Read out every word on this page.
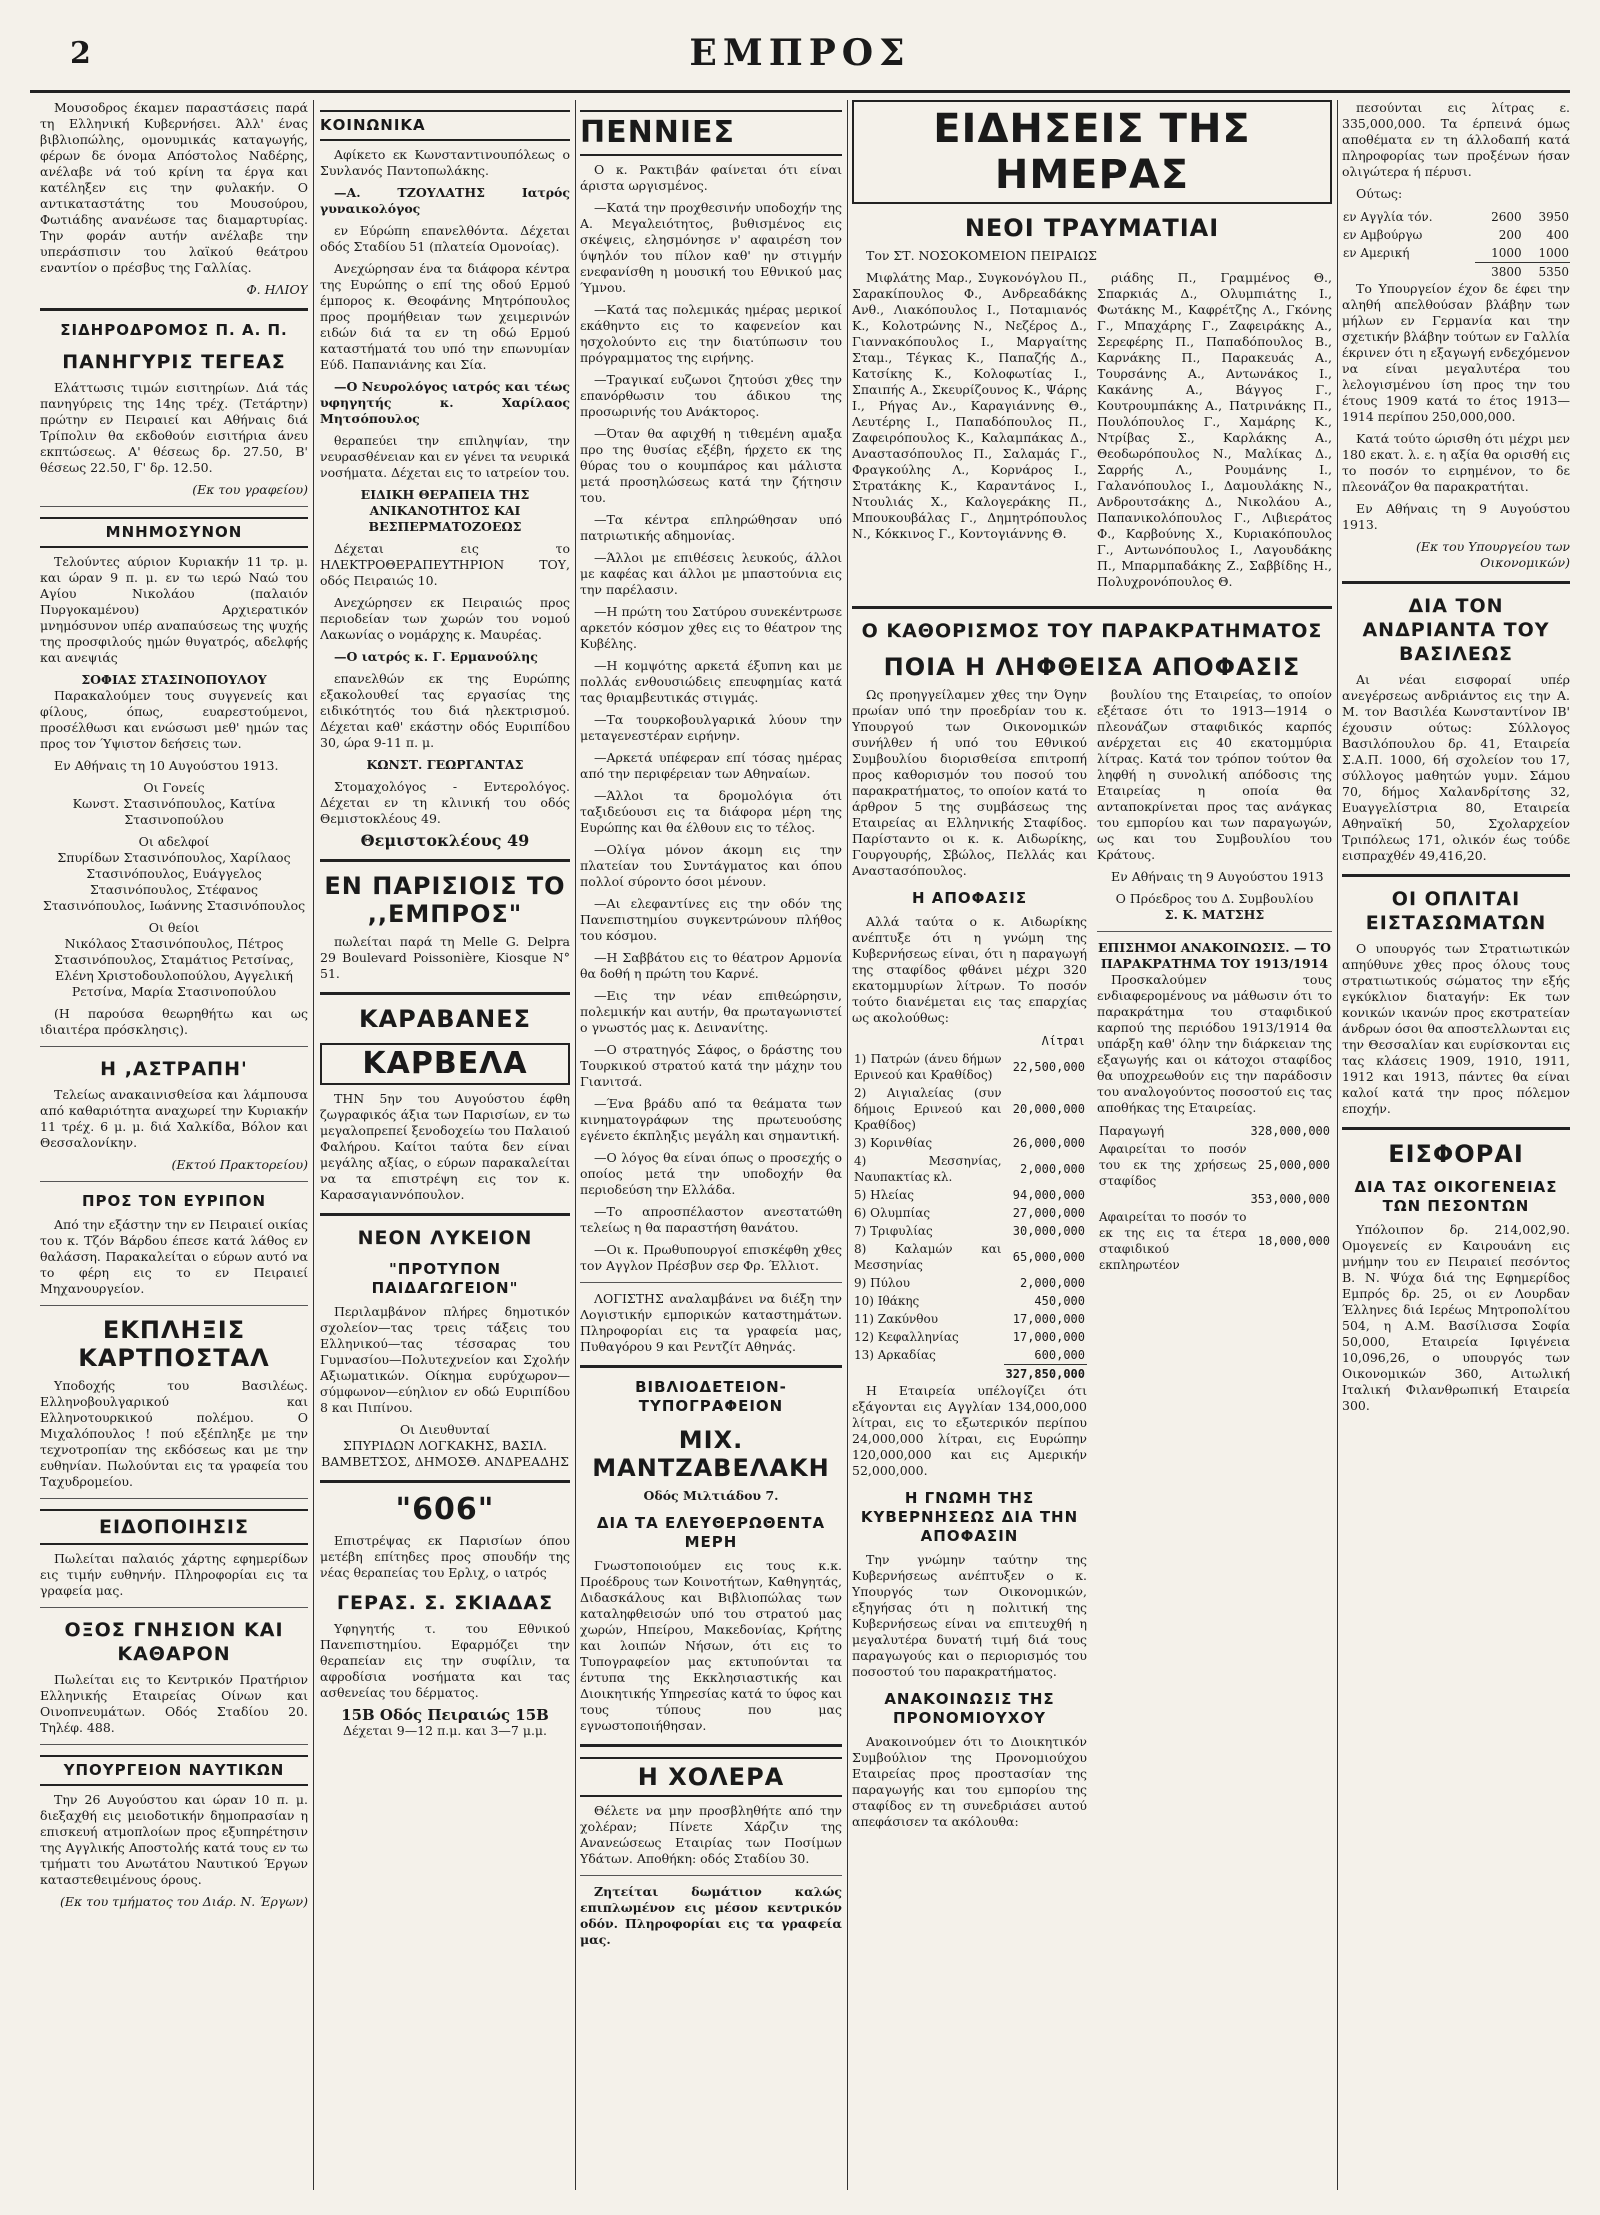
2	ΕΜΠΡΟΣ

Μουσοδρος έκαμεν παραστάσεις παρά τη Ελληνική Κυβερνήσει. Άλλ' ένας βιβλιοπώλης, ομονυμικάς καταγωγής, φέρων δε όνομα Απόστολος Ναδέρης, ανέλαβε νά τού κρίνη τα έργα και κατέληξεν εις την φυλακήν. Ο αντικαταστάτης του Μουσούρου, Φωτιάδης ανανέωσε τας διαμαρτυρίας. Την φοράν αυτήν ανέλαβε την υπεράσπισιν του λαϊκού θεάτρου εναντίον ο πρέσβυς της Γαλλίας.

Φ. ΗΛΙΟΥ
ΣΙΔΗΡΟΔΡΟΜΟΣ Π. Α. Π.
ΠΑΝΗΓΥΡΙΣ ΤΕΓΕΑΣ

Ελάττωσις τιμών εισιτηρίων. Διά τάς πανηγύρεις της 14ης τρέχ. (Τετάρτην) πρώτην εν Πειραιεί και Αθήναις διά Τρίπολιν θα εκδοθούν εισιτήρια άνευ εκπτώσεως. Α' θέσεως δρ. 27.50, Β' θέσεως 22.50, Γ' δρ. 12.50.

(Εκ του γραφείου)
ΜΝΗΜΟΣΥΝΟΝ

Τελούντες αύριον Κυριακήν 11 τρ. μ. και ώραν 9 π. μ. εν τω ιερώ Ναώ του Αγίου Νικολάου (παλαιόν Πυργοκαμένου) Αρχιερατικόν μνημόσυνον υπέρ αναπαύσεως της ψυχής της προσφιλούς ημών θυγατρός, αδελφής και ανεψιάς

ΣΟΦΙΑΣ ΣΤΑΣΙΝΟΠΟΥΛΟΥ

Παρακαλούμεν τους συγγενείς και φίλους, όπως, ευαρεστούμενοι, προσέλθωσι και ενώσωσι μεθ' ημών τας προς τον Ύψιστον δεήσεις των.

Εν Αθήναις τη 10 Αυγούστου 1913.

Οι Γονείς

Κωνστ. Στασινόπουλος, Κατίνα Στασινοπούλου

Οι αδελφοί

Σπυρίδων Στασινόπουλος, Χαρίλαος Στασινόπουλος, Ευάγγελος Στασινόπουλος, Στέφανος Στασινόπουλος, Ιωάννης Στασινόπουλος

Οι θείοι

Νικόλαος Στασινόπουλος, Πέτρος Στασινόπουλος, Σταμάτιος Ρετσίνας, Ελένη Χριστοδουλοπούλου, Αγγελική Ρετσίνα, Μαρία Στασινοπούλου

(Η παρούσα θεωρηθήτω και ως ιδιαιτέρα πρόσκλησις).

Η ,ΑΣΤΡΑΠΗ'

Τελείως ανακαινισθείσα και λάμπουσα από καθαριότητα αναχωρεί την Κυριακήν 11 τρέχ. 6 μ. μ. διά Χαλκίδα, Βόλον και Θεσσαλονίκην.

(Εκτού Πρακτορείου)
ΠΡΟΣ ΤΟΝ ΕΥΡΙΠΟΝ

Από την εξάστην την εν Πειραιεί οικίας του κ. Τζόν Βάρδου έπεσε κατά λάθος εν θαλάσση. Παρακαλείται ο εύρων αυτό να το φέρη εις το εν Πειραιεί Μηχανουργείον.

ΕΚΠΛΗΞΙΣ ΚΑΡΤΠΟΣΤΑΛ

Υποδοχής του Βασιλέως. Ελληνοβουλγαρικού και Ελληνοτουρκικού πολέμου. Ο Μιχαλόπουλος ! πού εξέπληξε με την τεχνοτροπίαν της εκδόσεως και με την ευθηνίαν. Πωλούνται εις τα γραφεία του Ταχυδρομείου.

ΕΙΔΟΠΟΙΗΣΙΣ

Πωλείται παλαιός χάρτης εφημερίδων εις τιμήν ευθηνήν. Πληροφορίαι εις τα γραφεία μας.

ΟΞΟΣ ΓΝΗΣΙΟΝ ΚΑΙ ΚΑΘΑΡΟΝ

Πωλείται εις το Κεντρικόν Πρατήριον Ελληνικής Εταιρείας Οίνων και Οινοπνευμάτων. Οδός Σταδίου 20. Τηλέφ. 488.

ΥΠΟΥΡΓΕΙΟΝ ΝΑΥΤΙΚΩΝ

Την 26 Αυγούστου και ώραν 10 π. μ. διεξαχθή εις μειοδοτικήν δημοπρασίαν η επισκευή ατμοπλοίων προς εξυπηρέτησιν της Αγγλικής Αποστολής κατά τους εν τω τμήματι του Ανωτάτου Ναυτικού Έργων καταστεθειμένους όρους.

(Εκ του τμήματος του Διάρ. Ν. Έργων)
ΚΟΙΝΩΝΙΚΑ

Αφίκετο εκ Κωνσταντινουπόλεως ο Συνλανός Παντοπωλάκης.

—Α. ΤΖΟΥΛΑΤΗΣ Ιατρός γυναικολόγος

εν Εύρώπη επανελθόντα. Δέχεται οδός Σταδίου 51 (πλατεία Ομονοίας).

Ανεχώρησαν ένα τα διάφορα κέντρα της Ευρώπης ο επί της οδού Ερμού έμπορος κ. Θεοφάνης Μητρόπουλος προς προμήθειαν των χειμερινών ειδών διά τα εν τη οδώ Ερμού καταστήματά του υπό την επωνυμίαν Εύδ. Παπανιάνης και Σία.

—Ο Νευρολόγος ιατρός και τέως υφηγητής κ. Χαρίλαος Μητσόπουλος

θεραπεύει την επιληψίαν, την νευρασθένειαν και εν γένει τα νευρικά νοσήματα. Δέχεται εις το ιατρείον του.

ΕΙΔΙΚΗ ΘΕΡΑΠΕΙΑ ΤΗΣ ΑΝΙΚΑΝΟΤΗΤΟΣ ΚΑΙ ΒΕΣΠΕΡΜΑΤΟΖΟΕΩΣ

Δέχεται εις το ΗΛΕΚΤΡΟΘΕΡΑΠΕΥΤΗΡΙΟΝ ΤΟΥ, οδός Πειραιώς 10.

Ανεχώρησεν εκ Πειραιώς προς περιοδείαν των χωρών του νομού Λακωνίας ο νομάρχης κ. Μαυρέας.

—Ο ιατρός κ. Γ. Ερμανούλης

επανελθών εκ της Ευρώπης εξακολουθεί τας εργασίας της ειδικότητός του διά ηλεκτρισμού. Δέχεται καθ' εκάστην οδός Ευριπίδου 30, ώρα 9-11 π. μ.

ΚΩΝΣΤ. ΓΕΩΡΓΑΝΤΑΣ

Στομαχολόγος - Εντερολόγος. Δέχεται εν τη κλινική του οδός Θεμιστοκλέους 49.

Θεμιστοκλέους 49
ΕΝ ΠΑΡΙΣΙΟΙΣ ΤΟ ,,ΕΜΠΡΟΣ"

πωλείται παρά τη Melle G. Delpra 29 Boulevard Poissonière, Kiosque N° 51.

ΚΑΡΑΒΑΝΕΣ
ΚΑΡΒΕΛΑ

ΤΗΝ 5ην του Αυγούστου έφθη ζωγραφικός άξια των Παρισίων, εν τω μεγαλοπρεπεί ξενοδοχείω του Παλαιού Φαλήρου. Καίτοι ταύτα δεν είναι μεγάλης αξίας, ο εύρων παρακαλείται να τα επιστρέψη εις τον κ. Καρασαγιαννόπουλον.

ΝΕΟΝ ΛΥΚΕΙΟΝ
"ΠΡΟΤΥΠΟΝ ΠΑΙΔΑΓΩΓΕΙΟΝ"

Περιλαμβάνον πλήρες δημοτικόν σχολείον—τας τρεις τάξεις του Ελληνικού—τας τέσσαρας του Γυμνασίου—Πολυτεχνείον και Σχολήν Αξιωματικών. Οίκημα ευρύχωρον—σύμφωνον—εύηλιον εν οδώ Ευριπίδου 8 και Πιπίνου.

Οι Διευθυνταί

ΣΠΥΡΙΔΩΝ ΛΟΓΚΑΚΗΣ, ΒΑΣΙΛ. ΒΑΜΒΕΤΣΟΣ, ΔΗΜΟΣΘ. ΑΝΔΡΕΑΔΗΣ

"606"

Επιστρέψας εκ Παρισίων όπου μετέβη επίτηδες προς σπουδήν της νέας θεραπείας του Ερλιχ, ο ιατρός

ΓΕΡΑΣ. Σ. ΣΚΙΑΔΑΣ

Υφηγητής τ. του Εθνικού Πανεπιστημίου. Εφαρμόζει την θεραπείαν εις την συφίλιν, τα αφροδίσια νοσήματα και τας ασθενείας του δέρματος.

15Β Οδός Πειραιώς 15Β
Δέχεται 9—12 π.μ. και 3—7 μ.μ.
ΠΕΝΝΙΕΣ

Ο κ. Ρακτιβάν φαίνεται ότι είναι άριστα ωργισμένος.

—Κατά την προχθεσινήν υποδοχήν της Α. Μεγαλειότητος, βυθισμένος εις σκέψεις, ελησμόνησε ν' αφαιρέση τον ύψηλόν του πίλον καθ' ην στιγμήν ενεφανίσθη η μουσική του Εθνικού μας Ύμνου.

—Κατά τας πολεμικάς ημέρας μερικοί εκάθηντο εις το καφενείον και ησχολούντο εις την διατύπωσιν του πρόγραμματος της ειρήνης.

—Τραγικαί ευζωνοι ζητούσι χθες την επανόρθωσιν του άδικου της προσωρινής του Ανάκτορος.

—Όταν θα αφιχθή η τιθεμένη αμαξα προ της θυσίας εξέβη, ήρχετο εκ της θύρας του ο κουμπάρος και μάλιστα μετά προσηλώσεως κατά την ζήτησιν του.

—Τα κέντρα επληρώθησαν υπό πατριωτικής αδημονίας.

—Άλλοι με επιθέσεις λευκούς, άλλοι με καφέας και άλλοι με μπαστούνια εις την παρέλασιν.

—Η πρώτη του Σατύρου συνεκέντρωσε αρκετόν κόσμον χθες εις το θέατρον της Κυβέλης.

—Η κομψότης αρκετά έξυπνη και με πολλάς ενθουσιώδεις επευφημίας κατά τας θριαμβευτικάς στιγμάς.

—Τα τουρκοβουλγαρικά λύουν την μεταγενεστέραν ειρήνην.

—Αρκετά υπέφεραν επί τόσας ημέρας από την περιφέρειαν των Αθηναίων.

—Άλλοι τα δρομολόγια ότι ταξιδεύουσι εις τα διάφορα μέρη της Ευρώπης και θα έλθουν εις το τέλος.

—Ολίγα μόνον άκομη εις την πλατείαν του Συντάγματος και όπου πολλοί σύροντο όσοι μένουν.

—Αι ελεφαντίνες εις την οδόν της Πανεπιστημίου συγκεντρώνουν πλήθος του κόσμου.

—Η Σαββάτου εις το θέατρον Αρμονία θα δοθή η πρώτη του Καρνέ.

—Εις την νέαν επιθεώρησιν, πολεμικήν και αυτήν, θα πρωταγωνιστεί ο γνωστός μας κ. Δεινανίτης.

—Ο στρατηγός Σάφος, ο δράστης του Τουρκικού στρατού κατά την μάχην του Γιανιτσά.

—Ένα βράδυ από τα θεάματα των κινηματογράφων της πρωτευούσης εγένετο έκπληξις μεγάλη και σημαντική.

—Ο λόγος θα είναι όπως ο προσεχής ο οποίος μετά την υποδοχήν θα περιοδεύση την Ελλάδα.

—Το απροσπέλαστον ανεστατώθη τελείως η θα παραστήση θανάτου.

—Οι κ. Πρωθυπουργοί επισκέφθη χθες τον Αγγλον Πρέσβυν σερ Φρ. Έλλιοτ.

ΛΟΓΙΣΤΗΣ αναλαμβάνει να διέξη την Λογιστικήν εμπορικών καταστημάτων. Πληροφορίαι εις τα γραφεία μας, Πυθαγόρου 9 και Ρεντζίτ Αθηνάς.

ΒΙΒΛΙΟΔΕΤΕΙΟΝ-ΤΥΠΟΓΡΑΦΕΙΟΝ
ΜΙΧ. ΜΑΝΤΖΑΒΕΛΑΚΗ
Οδός Μιλτιάδου 7.
ΔΙΑ ΤΑ ΕΛΕΥΘΕΡΩΘΕΝΤΑ ΜΕΡΗ

Γνωστοποιούμεν εις τους κ.κ. Προέδρους των Κοινοτήτων, Καθηγητάς, Διδασκάλους και Βιβλιοπώλας των καταληφθεισών υπό του στρατού μας χωρών, Ηπείρου, Μακεδονίας, Κρήτης και λοιπών Νήσων, ότι εις το Τυπογραφείον μας εκτυπούνται τα έντυπα της Εκκλησιαστικής και Διοικητικής Υπηρεσίας κατά το ύφος και τους τύπους που μας εγνωστοποιήθησαν.

Η ΧΟΛΕΡΑ

Θέλετε να μην προσβληθήτε από την χολέραν; Πίνετε Χάρζιν της Ανανεώσεως Εταιρίας των Ποσίμων Υδάτων. Αποθήκη: οδός Σταδίου 30.

Ζητείται δωμάτιον καλώς επιπλωμένον εις μέσον κεντρικόν οδόν. Πληροφορίαι εις τα γραφεία μας.

ΕΙΔΗΣΕΙΣ ΤΗΣ ΗΜΕΡΑΣ
ΝΕΟΙ ΤΡΑΥΜΑΤΙΑΙ

Τον ΣΤ. ΝΟΣΟΚΟΜΕΙΟΝ ΠΕΙΡΑΙΩΣ

Μιφλάτης Μαρ., Συγκονόγλου Π., Σαρακίπουλος Φ., Ανδρεαδάκης Ανθ., Λιακόπουλος Ι., Ποταμιανός Κ., Κολοτρώνης Ν., Νεζέρος Δ., Γιαννακόπουλος Ι., Μαργαίτης Σταμ., Τέγκας Κ., Παπαζής Δ., Κατσίκης Κ., Κολοφωτίας Ι., Σπαιπής Α., Σκευρίζουνος Κ., Ψάρης Ι., Ρήγας Αν., Καραγιάννης Θ., Λευτέρης Ι., Παπαδόπουλος Π., Ζαφειρόπουλος Κ., Καλαμπάκας Δ., Αναστασόπουλος Π., Σαλαμάς Γ., Φραγκούλης Λ., Κορνάρος Ι., Στρατάκης Κ., Καραντάνος Ι., Ντουλιάς Χ., Καλογεράκης Π., Μπουκουβάλας Γ., Δημητρόπουλος Ν., Κόκκινος Γ., Κοντογιάννης Θ.

ριάδης Π., Γραμμένος Θ., Σπαρκιάς Δ., Ολυμπιάτης Ι., Φωτάκης Μ., Καφρέτζης Λ., Γκόνης Γ., Μπαχάρης Γ., Ζαφειράκης Α., Σερεφέρης Π., Παπαδόπουλος Β., Καρνάκης Π., Παρακευάς Α., Τουρσάνης Α., Αντωνάκος Ι., Κακάνης Α., Βάγγος Γ., Κουτρουμπάκης Α., Πατρινάκης Π., Πουλόπουλος Γ., Χαμάρης Κ., Ντρίβας Σ., Καρλάκης Α., Θεοδωρόπουλος Ν., Μαλίκας Δ., Σαρρής Λ., Ρουμάνης Ι., Γαλανόπουλος Ι., Δαμουλάκης Ν., Ανδρουτσάκης Δ., Νικολάου Α., Παπανικολόπουλος Γ., Λιβιεράτος Φ., Καρβούνης Χ., Κυριακόπουλος Γ., Αντωνόπουλος Ι., Λαγουδάκης Π., Μπαρμπαδάκης Ζ., Σαββίδης Η., Πολυχρονόπουλος Θ.

Ο ΚΑΘΟΡΙΣΜΟΣ ΤΟΥ ΠΑΡΑΚΡΑΤΗΜΑΤΟΣ
ΠΟΙΑ Η ΛΗΦΘΕΙΣΑ ΑΠΟΦΑΣΙΣ

Ως προηγγείλαμεν χθες την Όγην πρωίαν υπό την προεδρίαν του κ. Υπουργού των Οικονομικών συνήλθεν ή υπό του Εθνικού Συμβουλίου διορισθείσα επιτροπή προς καθορισμόν του ποσού του παρακρατήματος, το οποίον κατά το άρθρον 5 της συμβάσεως της Εταιρείας αι Ελληνικής Σταφίδος. Παρίσταντο οι κ. κ. Αιδωρίκης, Γουργουρής, Σβώλος, Πελλάς και Αναστασόπουλος.

Η ΑΠΟΦΑΣΙΣ

Αλλά ταύτα ο κ. Αιδωρίκης ανέπτυξε ότι η γνώμη της Κυβερνήσεως είναι, ότι η παραγωγή της σταφίδος φθάνει μέχρι 320 εκατομμυρίων λίτρων. Το ποσόν τούτο διανέμεται εις τας επαρχίας ως ακολούθως:

	Λίτραι
1) Πατρών (άνευ δήμων Ερινεού και Κραθίδος)	22,500,000
2) Αιγιαλείας (συν δήμοις Ερινεού και Κραθίδος)	20,000,000
3) Κορινθίας	26,000,000
4) Μεσσηνίας, Ναυπακτίας κλ.	2,000,000
5) Ηλείας	94,000,000
6) Ολυμπίας	27,000,000
7) Τριφυλίας	30,000,000
8) Καλαμών και Μεσσηνίας	65,000,000
9) Πύλου	2,000,000
10) Ιθάκης	450,000
11) Ζακύνθου	17,000,000
12) Κεφαλληνίας	17,000,000
13) Αρκαδίας	600,000
	327,850,000

Η Εταιρεία υπέλογίζει ότι εξάγονται εις Αγγλίαν 134,000,000 λίτραι, εις το εξωτερικόν περίπου 24,000,000 λίτραι, εις Ευρώπην 120,000,000 και εις Αμερικήν 52,000,000.

Η ΓΝΩΜΗ ΤΗΣ ΚΥΒΕΡΝΗΣΕΩΣ ΔΙΑ ΤΗΝ ΑΠΟΦΑΣΙΝ

Την γνώμην ταύτην της Κυβερνήσεως ανέπτυξεν ο κ. Υπουργός των Οικονομικών, εξηγήσας ότι η πολιτική της Κυβερνήσεως είναι να επιτευχθή η μεγαλυτέρα δυνατή τιμή διά τους παραγωγούς και ο περιορισμός του ποσοστού του παρακρατήματος.

ΑΝΑΚΟΙΝΩΣΙΣ ΤΗΣ ΠΡΟΝΟΜΙΟΥΧΟΥ

Ανακοινούμεν ότι το Διοικητικόν Συμβούλιον της Προνομιούχου Εταιρείας προς προστασίαν της παραγωγής και του εμπορίου της σταφίδος εν τη συνεδριάσει αυτού απεφάσισεν τα ακόλουθα:

βουλίου της Εταιρείας, το οποίον εξέτασε ότι το 1913—1914 ο πλεονάζων σταφιδικός καρπός ανέρχεται εις 40 εκατομμύρια λίτρας. Κατά τον τρόπον τούτον θα ληφθή η συνολική απόδοσις της Εταιρείας η οποία θα ανταποκρίνεται προς τας ανάγκας του εμπορίου και των παραγωγών, ως και του Συμβουλίου του Κράτους.

Εν Αθήναις τη 9 Αυγούστου 1913

Ο Πρόεδρος του Δ. Συμβουλίου
Σ. Κ. ΜΑΤΣΗΣ
ΕΠΙΣΗΜΟΙ ΑΝΑΚΟΙΝΩΣΙΣ. — ΤΟ ΠΑΡΑΚΡΑΤΗΜΑ ΤΟΥ 1913/1914

Προσκαλούμεν τους ενδιαφερομένους να μάθωσιν ότι το παρακράτημα του σταφιδικού καρπού της περιόδου 1913/1914 θα υπάρξη καθ' όλην την διάρκειαν της εξαγωγής και οι κάτοχοι σταφίδος θα υποχρεωθούν εις την παράδοσιν του αναλογούντος ποσοστού εις τας αποθήκας της Εταιρείας.

Παραγωγή	328,000,000
Αφαιρείται το ποσόν του εκ της χρήσεως σταφίδος	25,000,000
	353,000,000
Αφαιρείται το ποσόν το εκ της εις τα έτερα σταφιδικού εκπληρωτέον	18,000,000

πεσούνται εις λίτρας ε. 335,000,000. Τα έρπεινά όμως αποθέματα εν τη άλλοδαπή κατά πληροφορίας των προξένων ήσαν ολιγώτερα ή πέρυσι.

Ούτως:

εν Αγγλία τόν.	2600	3950
εν Αμβούργω	200	400
εν Αμερική	1000	1000
	3800	5350

Το Υπουργείον έχον δε έφει την αληθή απελθούσαν βλάβην των μήλων εν Γερμανία και την σχετικήν βλάβην τούτων εν Γαλλία έκρινεν ότι η εξαγωγή ενδεχόμενον να είναι μεγαλυτέρα του λελογισμένου ίση προς την του έτους 1909 κατά το έτος 1913—1914 περίπου 250,000,000.

Κατά τούτο ώρισθη ότι μέχρι μεν 180 εκατ. λ. ε. η αξία θα ορισθή εις το ποσόν το ειρημένον, το δε πλεονάζον θα παρακρατήται.

Εν Αθήναις τη 9 Αυγούστου 1913.

(Εκ του Υπουργείου των Οικονομικών)
ΔΙΑ ΤΟΝ ΑΝΔΡΙΑΝΤΑ ΤΟΥ ΒΑΣΙΛΕΩΣ

Αι νέαι εισφοραί υπέρ ανεγέρσεως ανδριάντος εις την Α. Μ. τον Βασιλέα Κωνσταντίνον ΙΒ' έχουσιν ούτως: Σύλλογος Βασιλόπουλου δρ. 41, Εταιρεία Σ.Α.Π. 1000, 6ή σχολείον του 17, σύλλογος μαθητών γυμν. Σάμου 70, δήμος Χαλανδρίτσης 32, Ευαγγελίστρια 80, Εταιρεία Αθηναϊκή 50, Σχολαρχείον Τριπόλεως 171, ολικόν έως τούδε εισπραχθέν 49,416,20.

ΟΙ ΟΠΛΙΤΑΙ ΕΙΣΤΑΣΩΜΑΤΩΝ

Ο υπουργός των Στρατιωτικών απηύθυνε χθες προς όλους τους στρατιωτικούς σώματος την εξής εγκύκλιον διαταγήν: Εκ των κονικών ικανών προς εκστρατείαν άνδρων όσοι θα αποστελλωνται εις την Θεσσαλίαν και ευρίσκονται εις τας κλάσεις 1909, 1910, 1911, 1912 και 1913, πάντες θα είναι καλοί κατά την προς πόλεμον εποχήν.

ΕΙΣΦΟΡΑΙ
ΔΙΑ ΤΑΣ ΟΙΚΟΓΕΝΕΙΑΣ ΤΩΝ ΠΕΣΟΝΤΩΝ

Υπόλοιπον δρ. 214,002,90. Ομογενείς εν Καιρουάνη εις μνήμην του εν Πειραιεί πεσόντος Β. Ν. Ψύχα διά της Εφημερίδος Εμπρός δρ. 25, οι εν Λουρδαν Έλληνες διά Ιερέως Μητροπολίτου 504, η Α.Μ. Βασίλισσα Σοφία 50,000, Εταιρεία Ιφιγένεια 10,096,26, ο υπουργός των Οικονομικών 360, Αιτωλική Ιταλική Φιλανθρωπική Εταιρεία 300.
